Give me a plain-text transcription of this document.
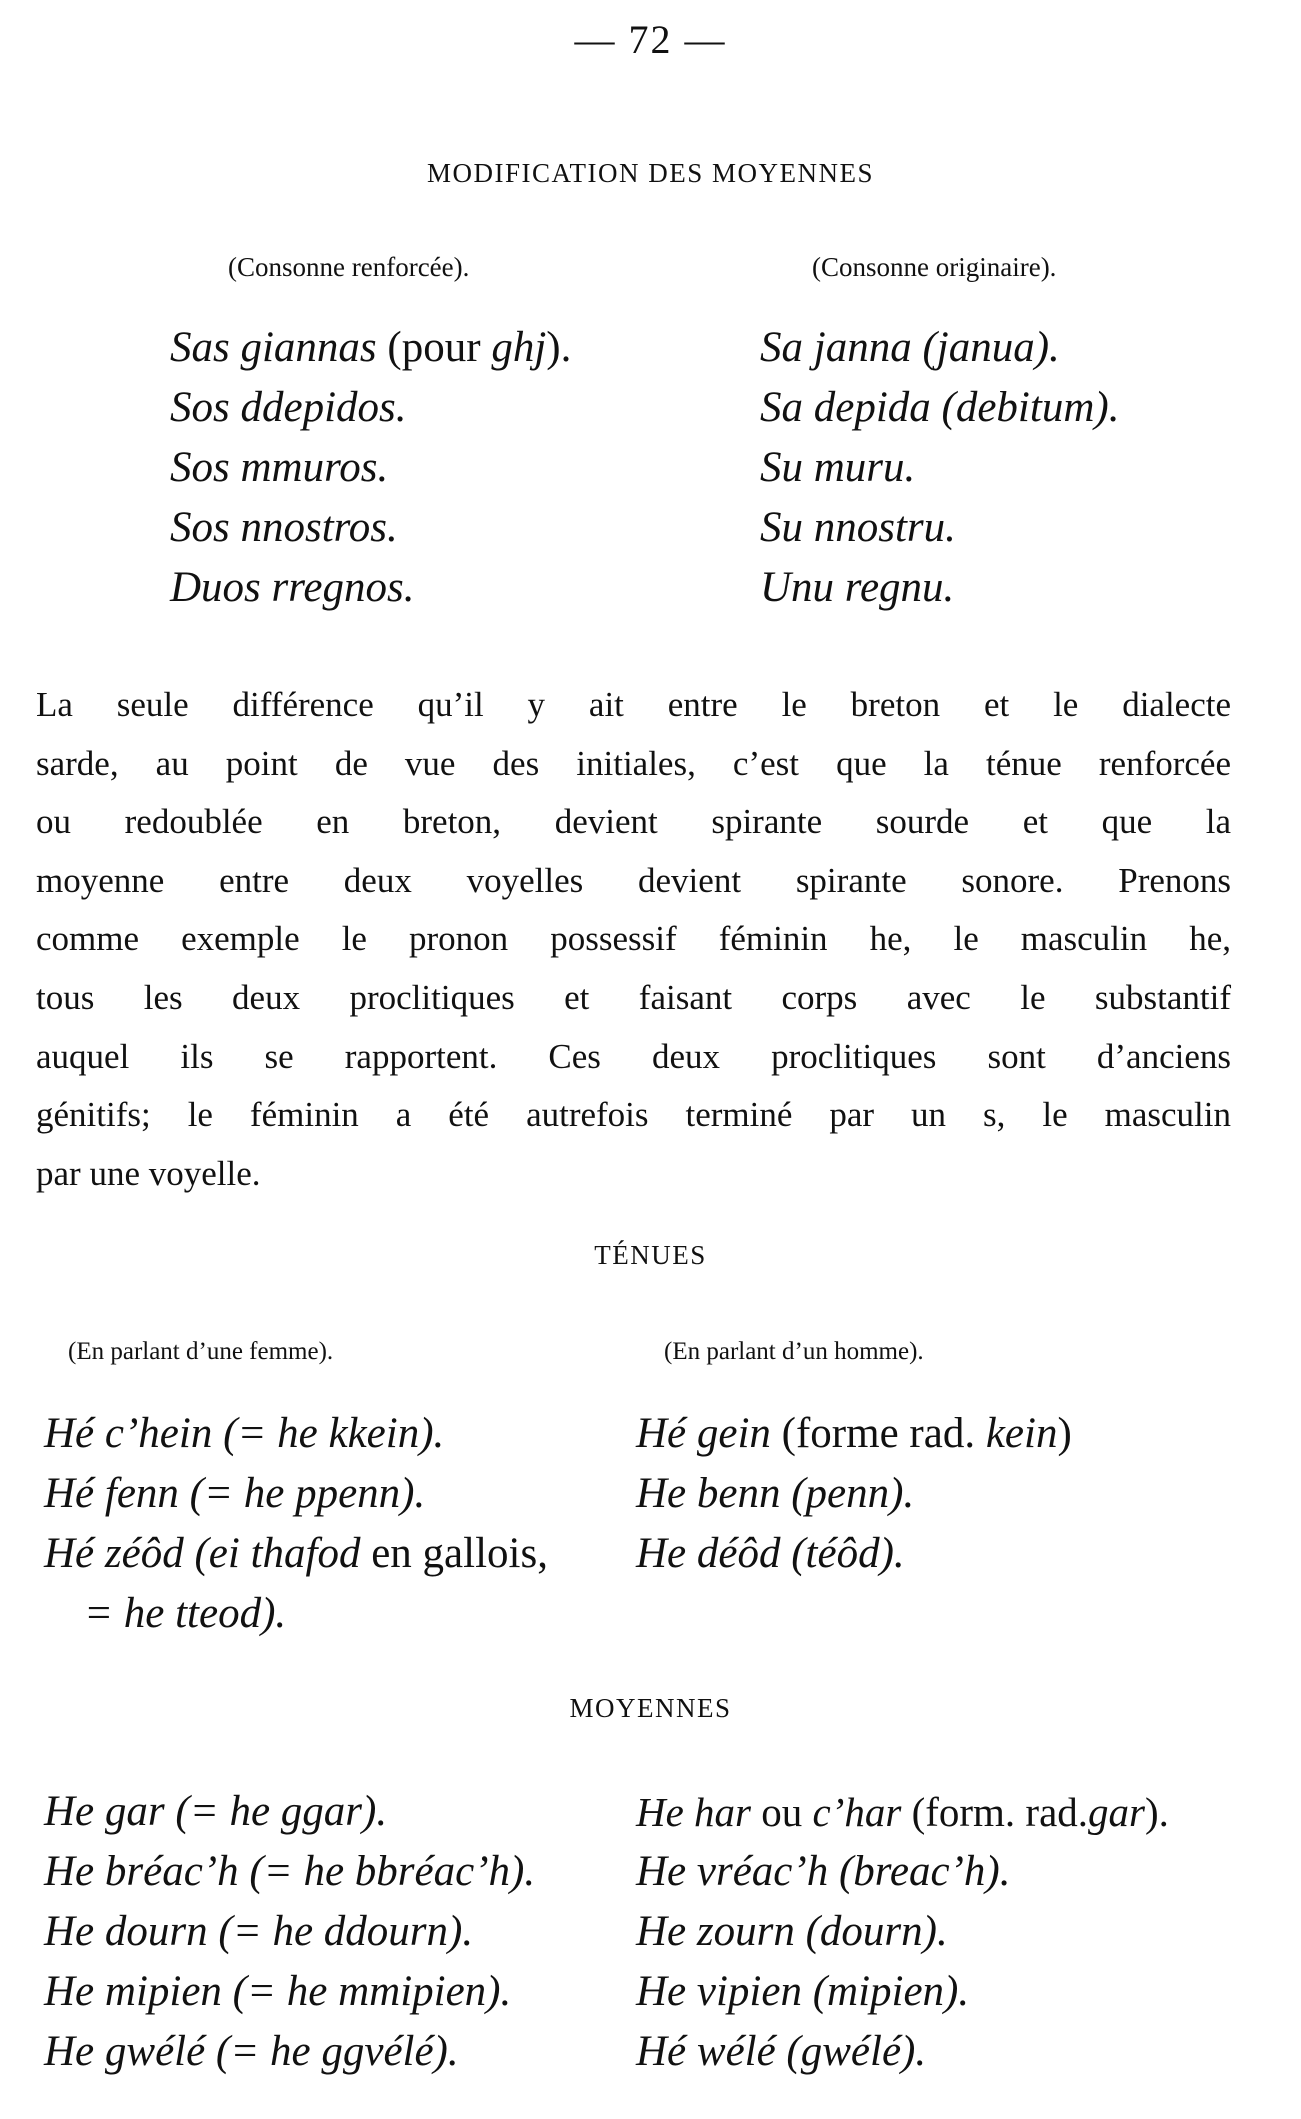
— 72 —
MODIFICATION DES MOYENNES
(Consonne renforcée).	(Consonne originaire).
Sas giannas (pour ghj).
Sos ddepidos.
Sos mmuros.
Sos nnostros.
Duos rregnos.
Sa janna (janua).
Sa depida (debitum).
Su muru.
Su nnostru.
Unu regnu.
La seule différence qu’il y ait entre le breton et le dialecte
sarde, au point de vue des initiales, c’est que la ténue renforcée
ou redoublée en breton, devient spirante sourde et que la
moyenne entre deux voyelles devient spirante sonore. Prenons
comme exemple le pronon possessif féminin he, le masculin he,
tous les deux proclitiques et faisant corps avec le substantif
auquel ils se rapportent. Ces deux proclitiques sont d’anciens
génitifs; le féminin a été autrefois terminé par un s, le masculin
par une voyelle.
TÉNUES
(En parlant d’une femme).	(En parlant d’un homme).
Hé c’hein (= he kkein).
Hé fenn (= he ppenn).
Hé zéôd (ei thafod en gallois,
= he tteod).
Hé gein (forme rad. kein)
He benn (penn).
He déôd (téôd).
MOYENNES
He gar (= he ggar).
He bréac’h (= he bbréac’h).
He dourn (= he ddourn).
He mipien (= he mmipien).
He gwélé (= he ggvélé).
He har ou c’har (form. rad.gar).
He vréac’h (breac’h).
He zourn (dourn).
He vipien (mipien).
Hé wélé (gwélé).
